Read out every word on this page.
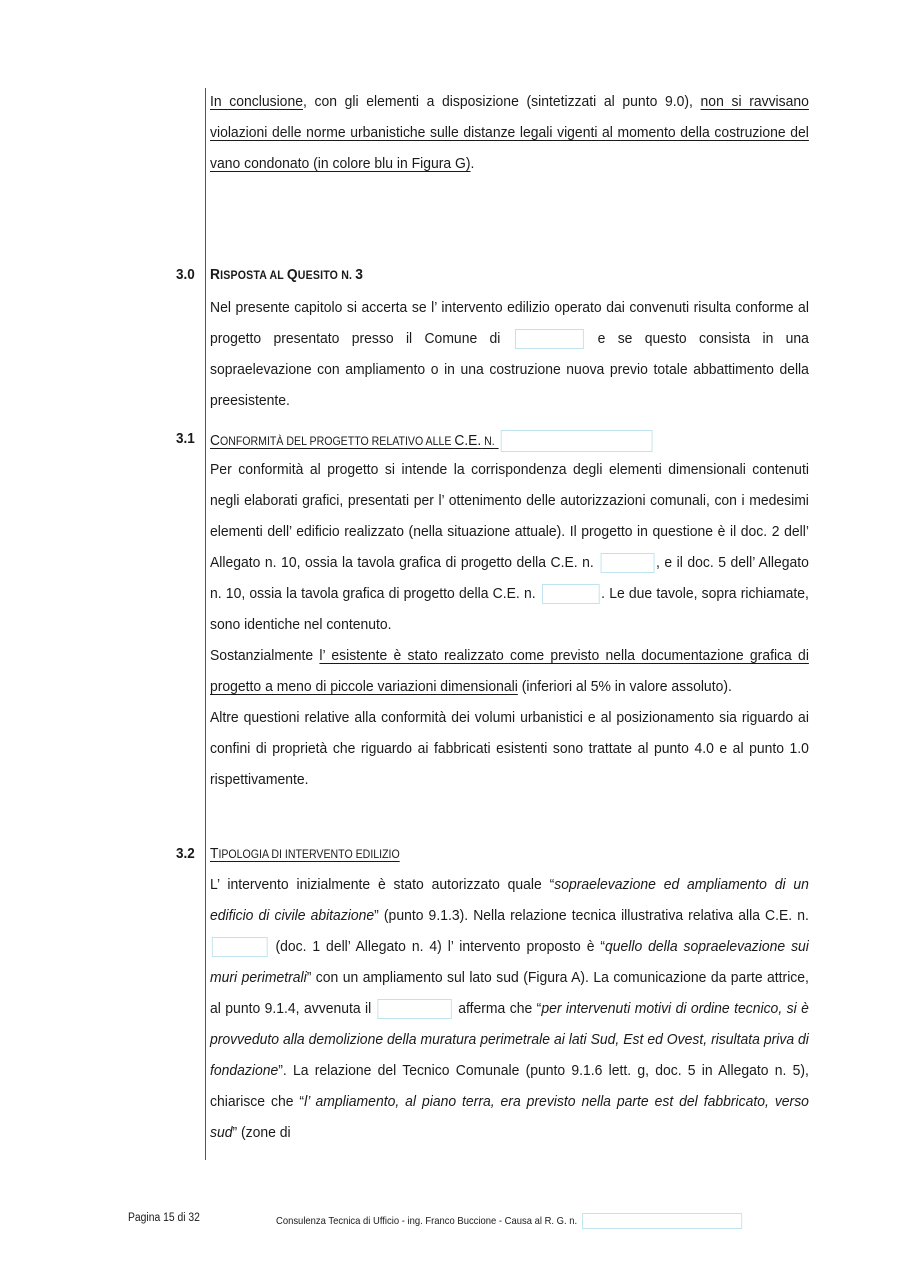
In conclusione, con gli elementi a disposizione (sintetizzati al punto 9.0), non si ravvisano violazioni delle norme urbanistiche sulle distanze legali vigenti al momento della costruzione del vano condonato (in colore blu in Figura G).
3.0 RISPOSTA AL QUESITO N. 3
Nel presente capitolo si accerta se l’ intervento edilizio operato dai convenuti risulta conforme al progetto presentato presso il Comune di	e se questo consista in una sopraelevazione con ampliamento o in una costruzione nuova previo totale abbattimento della preesistente.
3.1 CONFORMITÀ DEL PROGETTO RELATIVO ALLE C.E. N.
Per conformità al progetto si intende la corrispondenza degli elementi dimensionali contenuti negli elaborati grafici, presentati per l’ ottenimento delle autorizzazioni comunali, con i medesimi elementi dell’ edificio realizzato (nella situazione attuale). Il progetto in questione è il doc. 2 dell’ Allegato n. 10, ossia la tavola grafica di progetto della C.E. n.	, e il doc. 5 dell’ Allegato n. 10, ossia la tavola grafica di progetto della C.E. n.	. Le due tavole, sopra richiamate, sono identiche nel contenuto.
Sostanzialmente l’ esistente è stato realizzato come previsto nella documentazione grafica di progetto a meno di piccole variazioni dimensionali (inferiori al 5% in valore assoluto).
Altre questioni relative alla conformità dei volumi urbanistici e al posizionamento sia riguardo ai confini di proprietà che riguardo ai fabbricati esistenti sono trattate al punto 4.0 e al punto 1.0 rispettivamente.
3.2 TIPOLOGIA DI INTERVENTO EDILIZIO
L’ intervento inizialmente è stato autorizzato quale “sopraelevazione ed ampliamento di un edificio di civile abitazione” (punto 9.1.3). Nella relazione tecnica illustrativa relativa alla C.E. n.  (doc. 1 dell’ Allegato n. 4) l’ intervento proposto è “quello della sopraelevazione sui muri perimetrali” con un ampliamento sul lato sud (Figura A). La comunicazione da parte attrice, al punto 9.1.4, avvenuta il	afferma che “per intervenuti motivi di ordine tecnico, si è provveduto alla demolizione della muratura perimetrale ai lati Sud, Est ed Ovest, risultata priva di fondazione”. La relazione del Tecnico Comunale (punto 9.1.6 lett. g, doc. 5 in Allegato n. 5), chiarisce che “l’ ampliamento, al piano terra, era previsto nella parte est del fabbricato, verso sud” (zone di
Pagina 15 di 32	Consulenza Tecnica di Ufficio - ing. Franco Buccione - Causa al R. G. n.
